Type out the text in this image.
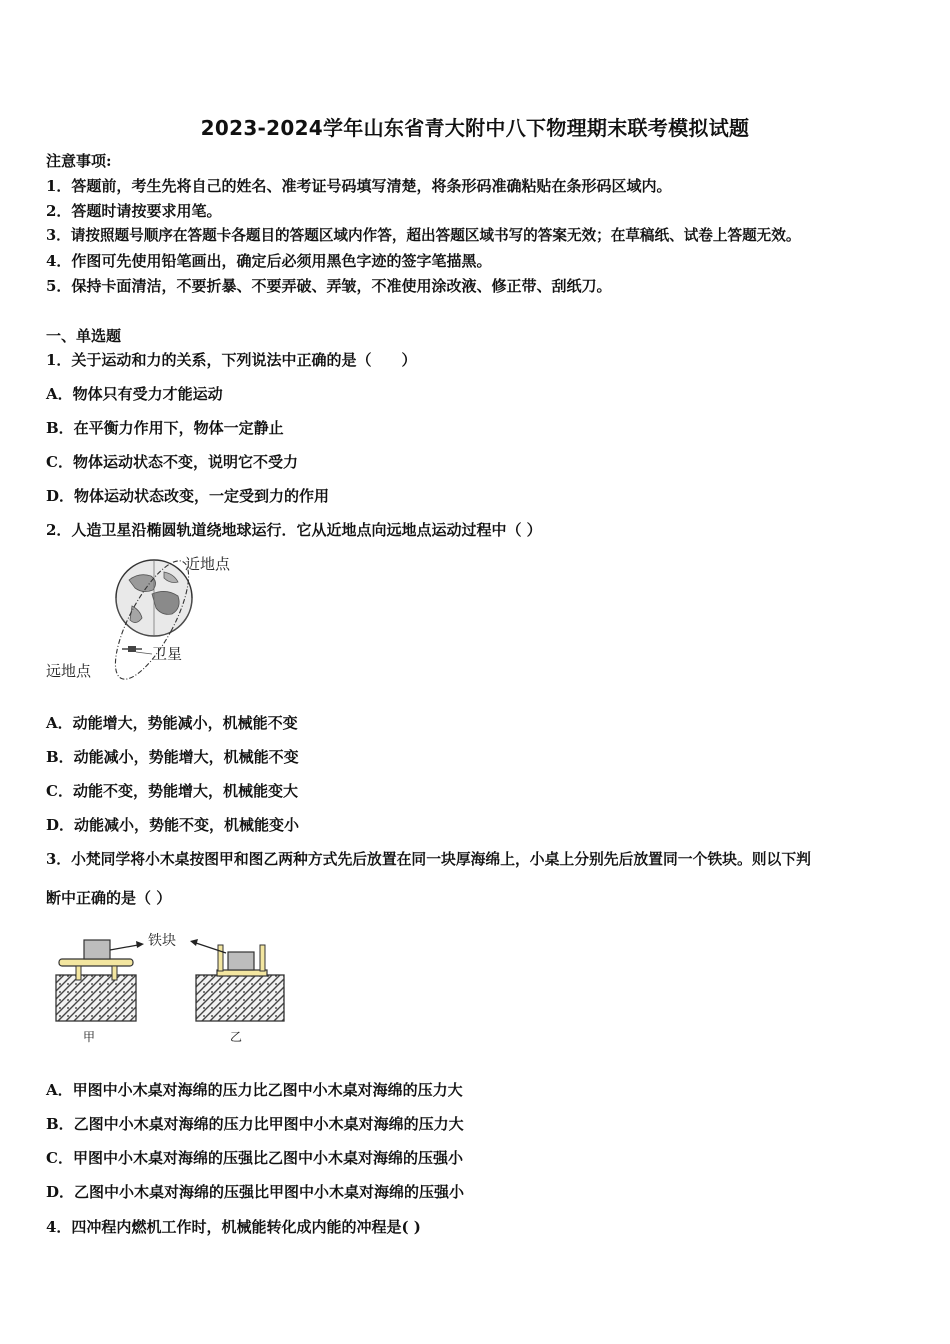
2023-2024学年山东省青大附中八下物理期末联考模拟试题
注意事项:
1．答题前，考生先将自己的姓名、准考证号码填写清楚，将条形码准确粘贴在条形码区域内。
2．答题时请按要求用笔。
3．请按照题号顺序在答题卡各题目的答题区域内作答，超出答题区域书写的答案无效；在草稿纸、试卷上答题无效。
4．作图可先使用铅笔画出，确定后必须用黑色字迹的签字笔描黑。
5．保持卡面清洁，不要折暴、不要弄破、弄皱，不准使用涂改液、修正带、刮纸刀。
一、单选题
1．关于运动和力的关系，下列说法中正确的是（　　）
A．物体只有受力才能运动
B．在平衡力作用下，物体一定静止
C．物体运动状态不变，说明它不受力
D．物体运动状态改变，一定受到力的作用
2．人造卫星沿椭圆轨道绕地球运行．它从近地点向远地点运动过程中（ ）
近地点
卫星
远地点
A．动能增大，势能减小，机械能不变
B．动能减小，势能增大，机械能不变
C．动能不变，势能增大，机械能变大
D．动能减小，势能不变，机械能变小
3．小梵同学将小木桌按图甲和图乙两种方式先后放置在同一块厚海绵上，小桌上分别先后放置同一个铁块。则以下判
断中正确的是（ ）
铁块
甲	乙
A．甲图中小木桌对海绵的压力比乙图中小木桌对海绵的压力大
B．乙图中小木桌对海绵的压力比甲图中小木桌对海绵的压力大
C．甲图中小木桌对海绵的压强比乙图中小木桌对海绵的压强小
D．乙图中小木桌对海绵的压强比甲图中小木桌对海绵的压强小
4．四冲程内燃机工作时，机械能转化成内能的冲程是( )
